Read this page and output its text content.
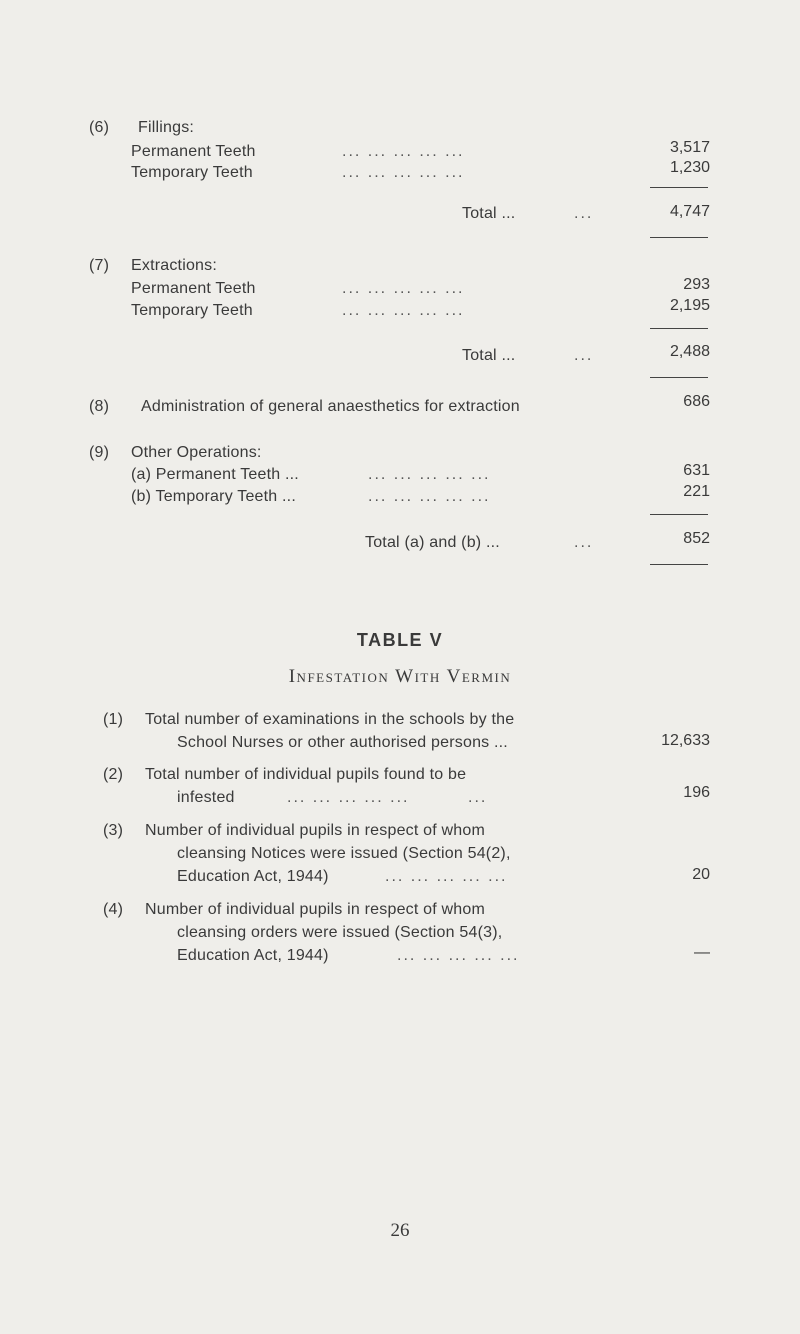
(6) Fillings:
Permanent Teeth	... ... ... ... ...	3,517
Temporary Teeth	... ... ... ... ...	1,230
Total ...	...	4,747
(7) Extractions:
Permanent Teeth	... ... ... ... ...	293
Temporary Teeth	... ... ... ... ...	2,195
Total ...	...	2,488
(8) Administration of general anaesthetics for extraction	686
(9) Other Operations:
(a) Permanent Teeth ...	... ... ... ... ...	631
(b) Temporary Teeth ...	... ... ... ... ...	221
Total (a) and (b) ...	...	852
TABLE V
Infestation With Vermin
(1) Total number of examinations in the schools by the
School Nurses or other authorised persons ...	12,633
(2) Total number of individual pupils found to be
infested	... ... ... ... ...	...	196
(3) Number of individual pupils in respect of whom
cleansing Notices were issued (Section 54(2),
Education Act, 1944)	... ... ... ... ...	20
(4) Number of individual pupils in respect of whom
cleansing orders were issued (Section 54(3),
Education Act, 1944)	... ... ... ... ...	—
26
